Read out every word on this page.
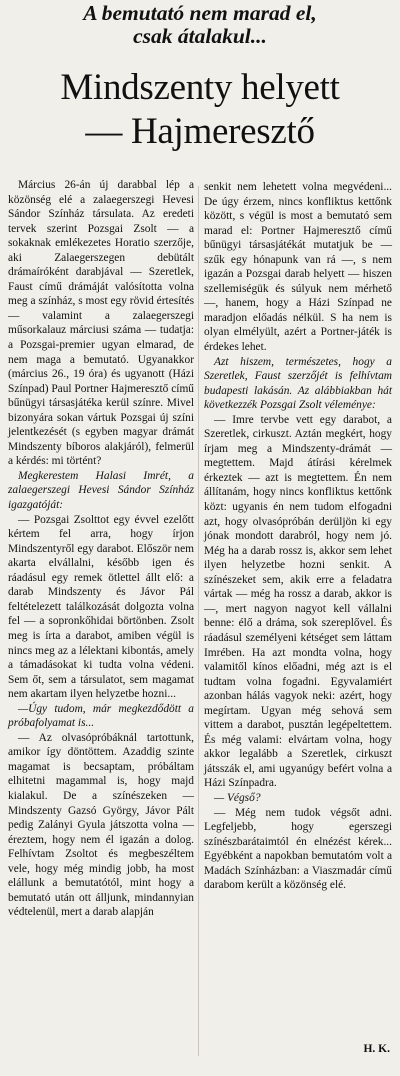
A bemutató nem marad el,
csak átalakul...
Mindszenty helyett
— Hajmeresztő

Március 26-án új darabbal lép a közönség elé a zalaegerszegi Hevesi Sándor Színház társulata. Az eredeti tervek szerint Pozsgai Zsolt — a sokaknak emlékezetes Horatio szerzője, aki Zalaegerszegen debütált drámaíróként darabjával — Szeretlek, Faust című drámáját valósította volna meg a színház, s most egy rövid értesítés — valamint a zalaegerszegi műsorkalauz márciusi száma — tudatja: a Pozsgai-premier ugyan elmarad, de nem maga a bemutató. Ugyanakkor (március 26., 19 óra) és ugyanott (Házi Színpad) Paul Portner Hajmeresztő című bűnügyi társasjátéka kerül színre. Mivel bizonyára sokan vártuk Pozsgai új színi jelentkezését (s egyben magyar drámát Mindszenty bíboros alakjáról), felmerül a kérdés: mi történt?

Megkerestem Halasi Imrét, a zalaegerszegi Hevesi Sándor Színház igazgatóját:

— Pozsgai Zsolttot egy évvel ezelőtt kértem fel arra, hogy írjon Mindszentyről egy darabot. Először nem akarta elvállalni, később igen és ráadásul egy remek ötlettel állt elő: a darab Mindszenty és Jávor Pál feltételezett találkozását dolgozta volna fel — a sopronkőhidai börtönben. Zsolt meg is írta a darabot, amiben végül is nincs meg az a lélektani kibontás, amely a támadásokat ki tudta volna védeni. Sem őt, sem a társulatot, sem magamat nem akartam ilyen helyzetbe hozni...

—Úgy tudom, már megkezdődött a próbafolyamat is...

— Az olvasópróbáknál tartottunk, amikor így döntöttem. Azaddig szinte magamat is becsaptam, próbáltam elhitetni magammal is, hogy majd kialakul. De a színészeken — Mindszenty Gazsó György, Jávor Pált pedig Zalányi Gyula játszotta volna — éreztem, hogy nem él igazán a dolog. Felhívtam Zsoltot és megbeszéltem vele, hogy még mindig jobb, ha most elállunk a bemutatótól, mint hogy a bemutató után ott álljunk, mindannyian védtelenül, mert a darab alapján

senkit nem lehetett volna megvédeni... De úgy érzem, nincs konfliktus kettőnk között, s végül is most a bemutató sem marad el: Portner Hajmeresztő című bűnügyi társasjátékát mutatjuk be — szűk egy hónapunk van rá —, s nem igazán a Pozsgai darab helyett — hiszen szellemiségük és súlyuk nem mérhető —, hanem, hogy a Házi Színpad ne maradjon előadás nélkül. S ha nem is olyan elmélyült, azért a Portner-játék is érdekes lehet.

Azt hiszem, természetes, hogy a Szeretlek, Faust szerzőjét is felhívtam budapesti lakásán. Az alábbiakban hát következzék Pozsgai Zsolt véleménye:

— Imre tervbe vett egy darabot, a Szeretlek, cirkuszt. Aztán megkért, hogy írjam meg a Mindszenty-drámát — megtettem. Majd átírási kérelmek érkeztek — azt is megtettem. Én nem állítanám, hogy nincs konfliktus kettőnk közt: ugyanis én nem tudom elfogadni azt, hogy olvasópróbán derüljön ki egy jónak mondott darabról, hogy nem jó. Még ha a darab rossz is, akkor sem lehet ilyen helyzetbe hozni senkit. A színészeket sem, akik erre a feladatra vártak — még ha rossz a darab, akkor is —, mert nagyon nagyot kell vállalni benne: élő a dráma, sok szereplővel. És ráadásul személyeni kétséget sem láttam Imrében. Ha azt mondta volna, hogy valamitől kínos előadni, még azt is el tudtam volna fogadni. Egyvalamiért azonban hálás vagyok neki: azért, hogy megírtam. Ugyan még sehová sem vittem a darabot, pusztán legépeltettem. És még valami: elvártam volna, hogy akkor legalább a Szeretlek, cirkuszt játsszák el, ami ugyanúgy befért volna a Házi Színpadra.

— Végső?

— Még nem tudok végsőt adni. Legfeljebb, hogy egerszegi színészbarátaimtól én elnézést kérek... Egyébként a napokban bemutatóm volt a Madách Színházban: a Viaszmadár című darabom került a közönség elé.

H. K.
